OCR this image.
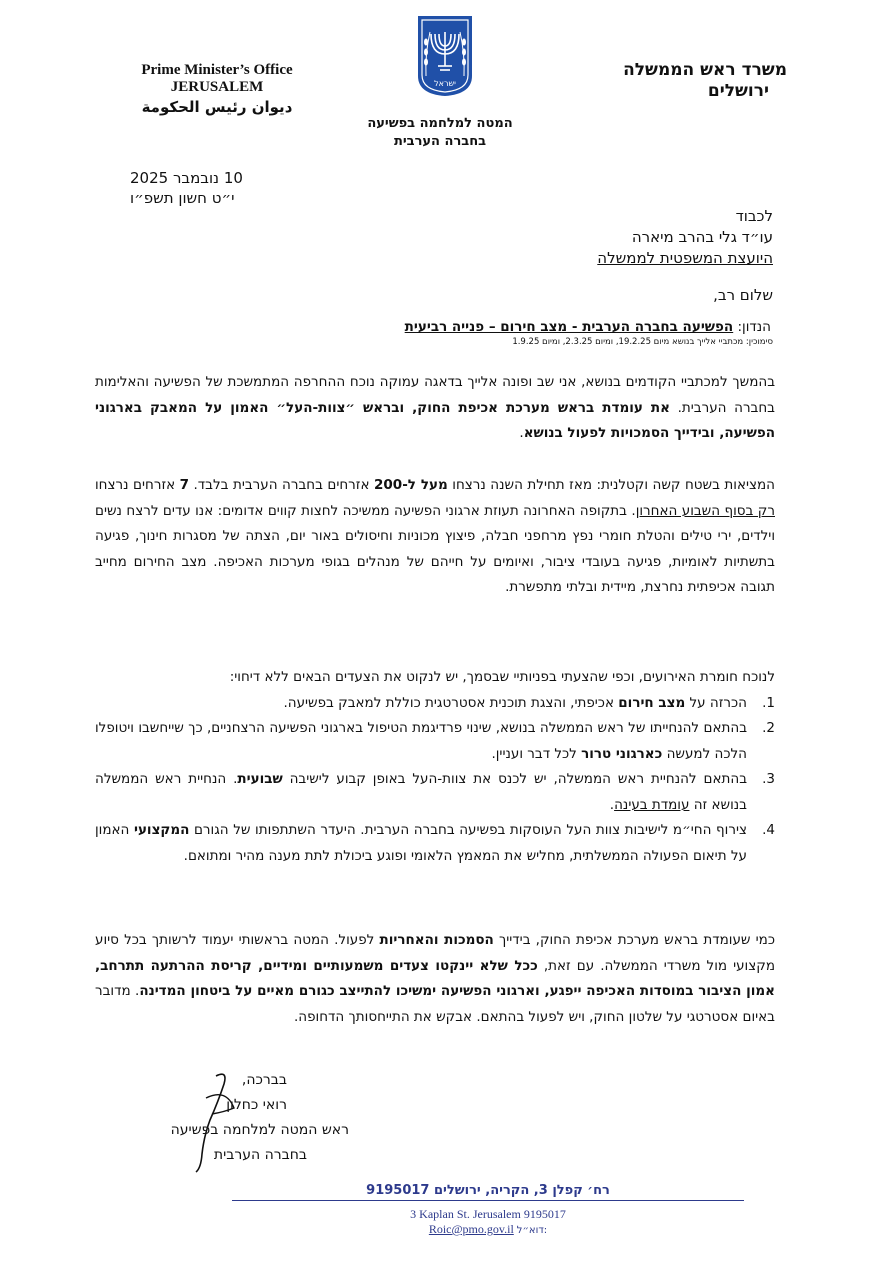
Prime Minister’s Office
JERUSALEM
ديوان رئيس الحكومة
ישראל
משרד ראש הממשלה
ירושלים
המטה למלחמה בפשיעה
בחברה הערבית
10 נובמבר 2025
י״ט חשון תשפ״ו
לכבוד
עו״ד גלי בהרב מיארה
היועצת המשפטית לממשלה
שלום רב,
הנדון: הפשיעה בחברה הערבית - מצב חירום – פנייה רביעית
סימוכין: מכתביי אלייך בנושא מיום 19.2.25, ומיום 2.3.25, ומיום 1.9.25
בהמשך למכתביי הקודמים בנושא, אני שב ופונה אלייך בדאגה עמוקה נוכח ההחרפה המתמשכת של הפשיעה והאלימות בחברה הערבית. את עומדת בראש מערכת אכיפת החוק, ובראש ״צוות-העל״ האמון על המאבק בארגוני הפשיעה, ובידייך הסמכויות לפעול בנושא.
המציאות בשטח קשה וקטלנית: מאז תחילת השנה נרצחו מעל ל-200 אזרחים בחברה הערבית בלבד. 7 אזרחים נרצחו רק בסוף השבוע האחרון. בתקופה האחרונה תעוזת ארגוני הפשיעה ממשיכה לחצות קווים אדומים: אנו עדים לרצח נשים וילדים, ירי טילים והטלת חומרי נפץ מרחפני חבלה, פיצוץ מכוניות וחיסולים באור יום, הצתה של מסגרות חינוך, פגיעה בתשתיות לאומיות, פגיעה בעובדי ציבור, ואיומים על חייהם של מנהלים בגופי מערכות האכיפה. מצב החירום מחייב תגובה אכיפתית נחרצת, מיידית ובלתי מתפשרת.
לנוכח חומרת האירועים, וכפי שהצעתי בפניותיי שבסמך, יש לנקוט את הצעדים הבאים ללא דיחוי:
1.
הכרזה על מצב חירום אכיפתי, והצגת תוכנית אסטרטגית כוללת למאבק בפשיעה.
2.
בהתאם להנחייתו של ראש הממשלה בנושא, שינוי פרדיגמת הטיפול בארגוני הפשיעה הרצחניים, כך שייחשבו ויטופלו הלכה למעשה כארגוני טרור לכל דבר ועניין.
3.
בהתאם להנחיית ראש הממשלה, יש לכנס את צוות-העל באופן קבוע לישיבה שבועית. הנחיית ראש הממשלה בנושא זה עומדת בעינה.
4.
צירוף החי״מ לישיבות צוות העל העוסקות בפשיעה בחברה הערבית. היעדר השתתפותו של הגורם המקצועי האמון על תיאום הפעולה הממשלתית, מחליש את המאמץ הלאומי ופוגע ביכולת לתת מענה מהיר ומתואם.
כמי שעומדת בראש מערכת אכיפת החוק, בידייך הסמכות והאחריות לפעול. המטה בראשותי יעמוד לרשותך בכל סיוע מקצועי מול משרדי הממשלה. עם זאת, ככל שלא יינקטו צעדים משמעותיים ומידיים, קריסת ההרתעה תתרחב, אמון הציבור במוסדות האכיפה ייפגע, וארגוני הפשיעה ימשיכו להתייצב כגורם מאיים על ביטחון המדינה. מדובר באיום אסטרטגי על שלטון החוק, ויש לפעול בהתאם. אבקש את התייחסותך הדחופה.
בברכה,
רואי כחלון
ראש המטה למלחמה בפשיעה
בחברה הערבית
רח׳ קפלן 3, הקריה, ירושלים 9195017
3 Kaplan St. Jerusalem 9195017
Roic@pmo.gov.il דוא״ל:
